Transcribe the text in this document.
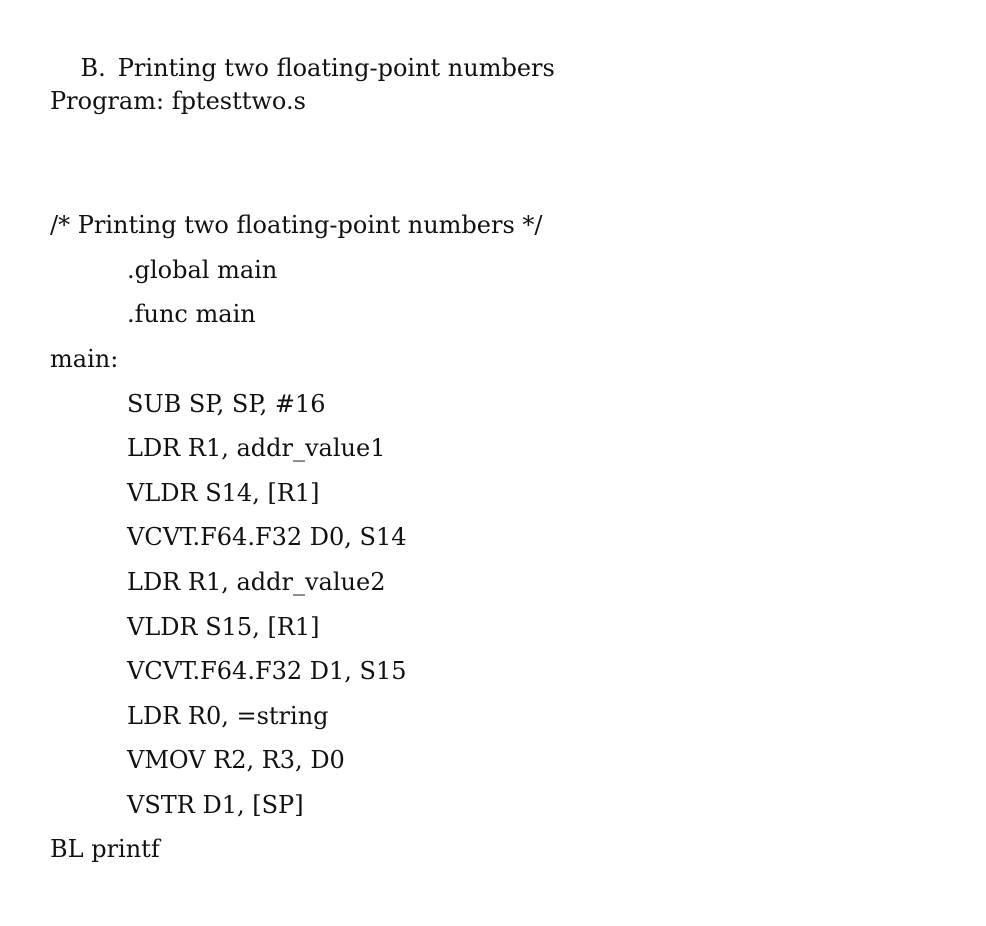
B. Printing two floating-point numbers

Program: fptesttwo.s
/* Printing two floating-point numbers */
.global main
.func main
main:
SUB SP, SP, #16
LDR R1, addr_value1
VLDR S14, [R1]
VCVT.F64.F32 D0, S14
LDR R1, addr_value2
VLDR S15, [R1]
VCVT.F64.F32 D1, S15
LDR R0, =string
VMOV R2, R3, D0
VSTR D1, [SP]
BL printf
